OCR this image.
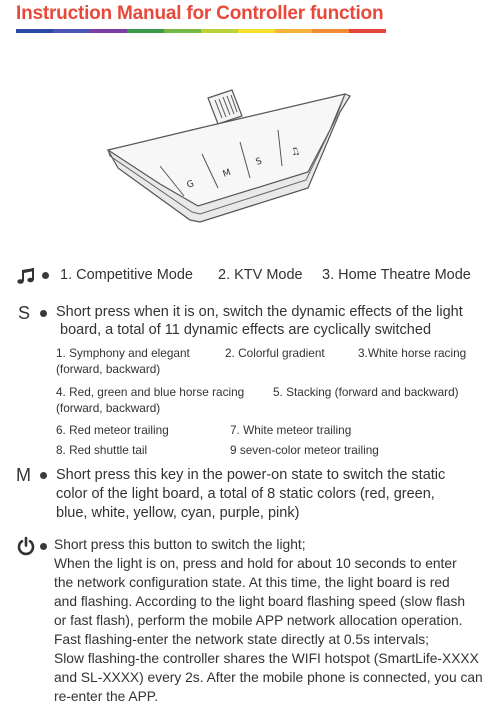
Instruction Manual for Controller function
G
M
S
♫
1. Competitive Mode 2. KTV Mode 3. Home Theatre Mode
S Short press when it is on, switch the dynamic effects of the light
board, a total of 11 dynamic effects are cyclically switched
1. Symphony and elegant	2. Colorful gradient	3.White horse racing
(forward, backward)
4. Red, green and blue horse racing 5. Stacking (forward and backward)
(forward, backward)
6. Red meteor trailing	7. White meteor trailing
8. Red shuttle tail	9 seven-color meteor trailing
M Short press this key in the power-on state to switch the static
color of the light board, a total of 8 static colors (red, green,
blue, white, yellow, cyan, purple, pink)
Short press this button to switch the light;
When the light is on, press and hold for about 10 seconds to enter
the network configuration state. At this time, the light board is red
and flashing. According to the light board flashing speed (slow flash
or fast flash), perform the mobile APP network allocation operation.
Fast flashing-enter the network state directly at 0.5s intervals;
Slow flashing-the controller shares the WIFI hotspot (SmartLife-XXXX
and SL-XXXX) every 2s. After the mobile phone is connected, you can
re-enter the APP.
